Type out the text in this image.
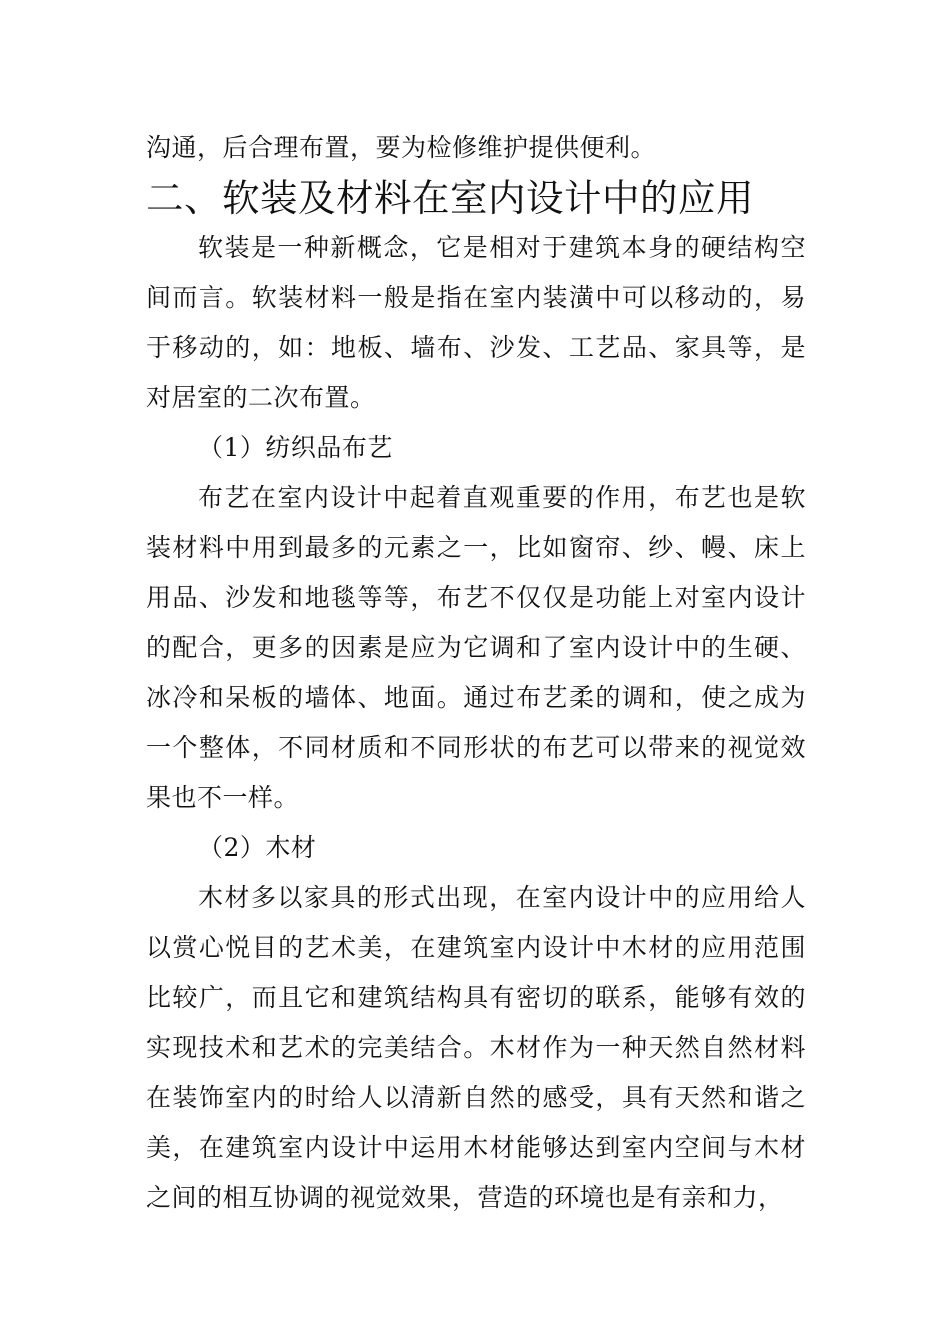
沟通，后合理布置，要为检修维护提供便利。

二、软装及材料在室内设计中的应用

软装是一种新概念，它是相对于建筑本身的硬结构空间而言。软装材料一般是指在室内装潢中可以移动的，易于移动的，如：地板、墙布、沙发、工艺品、家具等，是对居室的二次布置。

（1）纺织品布艺

布艺在室内设计中起着直观重要的作用，布艺也是软装材料中用到最多的元素之一，比如窗帘、纱、幔、床上用品、沙发和地毯等等，布艺不仅仅是功能上对室内设计的配合，更多的因素是应为它调和了室内设计中的生硬、冰冷和呆板的墙体、地面。通过布艺柔的调和，使之成为一个整体，不同材质和不同形状的布艺可以带来的视觉效果也不一样。

（2）木材

木材多以家具的形式出现，在室内设计中的应用给人以赏心悦目的艺术美，在建筑室内设计中木材的应用范围比较广，而且它和建筑结构具有密切的联系，能够有效的实现技术和艺术的完美结合。木材作为一种天然自然材料在装饰室内的时给人以清新自然的感受，具有天然和谐之美，在建筑室内设计中运用木材能够达到室内空间与木材之间的相互协调的视觉效果，营造的环境也是有亲和力，
